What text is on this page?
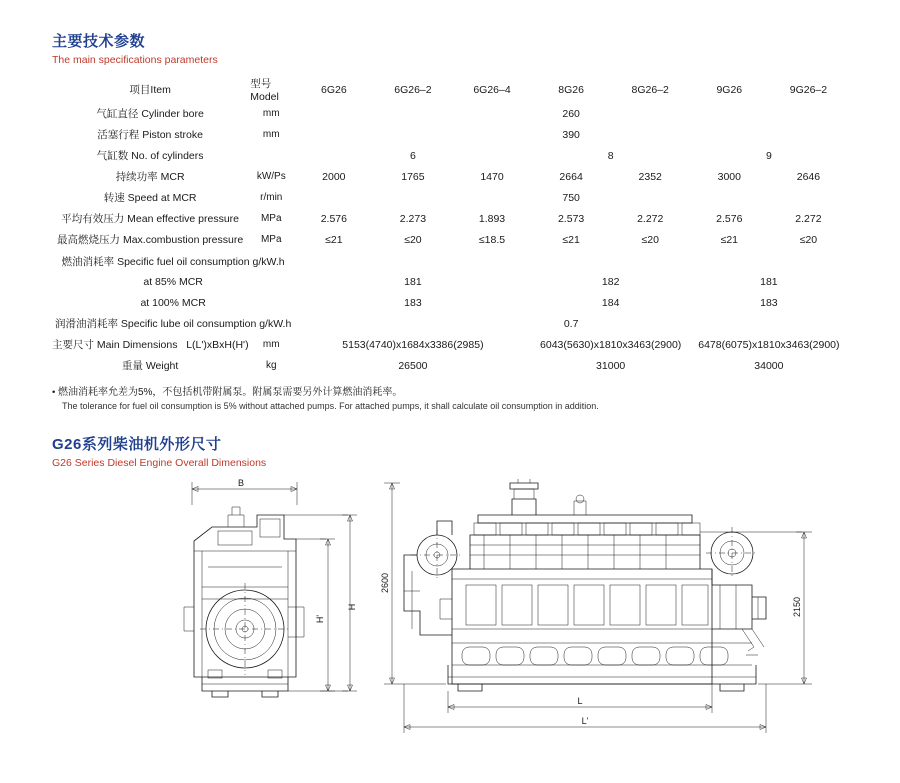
主要技术参数
The main specifications parameters
项目Item	型号Model	6G26	6G26–2	6G26–4	8G26	8G26–2	9G26	9G26–2
气缸直径 Cylinder bore	mm	260						
活塞行程 Piston stroke	mm	390						
气缸数 No. of cylinders		6			8		9	
持续功率 MCR	kW/Ps	2000	1765	1470	2664	2352	3000	2646
转速 Speed at MCR	r/min	750						
平均有效压力 Mean effective pressure	MPa	2.576	2.273	1.893	2.573	2.272	2.576	2.272
最高燃烧压力 Max.combustion pressure	MPa	≤21	≤20	≤18.5	≤21	≤20	≤21	≤20
燃油消耗率 Specific fuel oil consumption g/kW.h								
at 85% MCR		181			182		181	
at 100% MCR		183			184		183	
润滑油消耗率 Specific lube oil consumption g/kW.h		0.7						
主要尺寸 Main Dimensions L(L')xBxH(H')	mm	5153(4740)x1684x3386(2985)			6043(5630)x1810x3463(2900)		6478(6075)x1810x3463(2900)	
重量 Weight	kg	26500			31000		34000	
• 燃油消耗率允差为5%，不包括机带附属泵。附属泵需要另外计算燃油消耗率。
The tolerance for fuel oil consumption is 5% without attached pumps. For attached pumps, it shall calculate oil consumption in addition.
G26系列柴油机外形尺寸
G26 Series Diesel Engine Overall Dimensions
B
H
H'
2600
2150
L
L'
